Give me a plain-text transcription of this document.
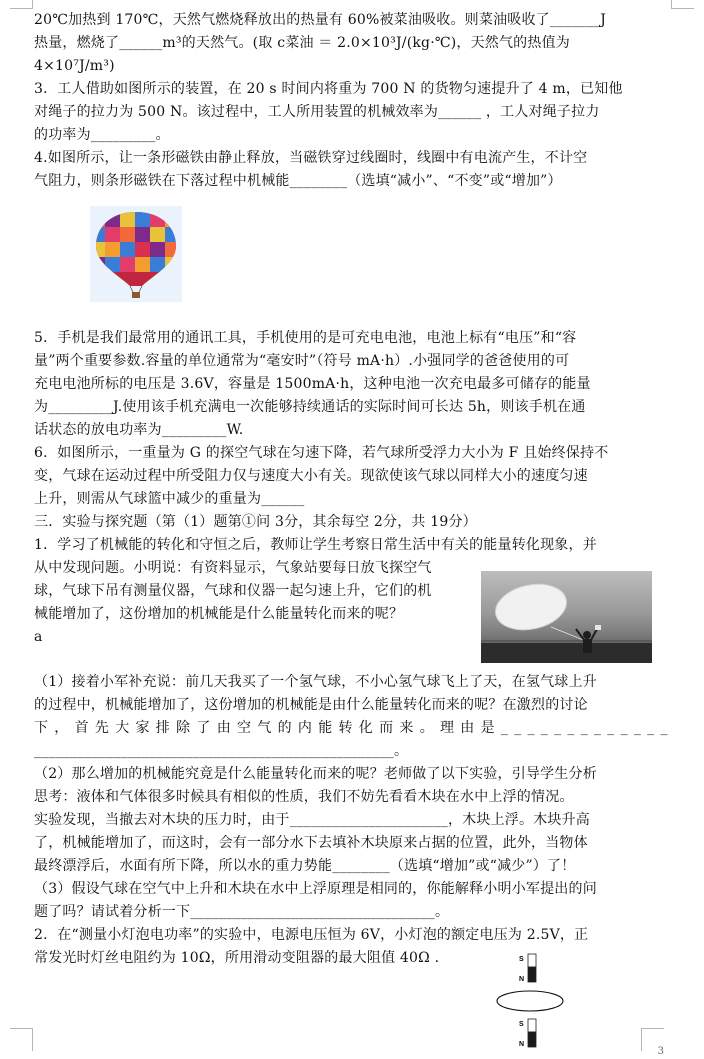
20℃加热到 170℃，天然气燃烧释放出的热量有 60%被菜油吸收。则菜油吸收了_______J
热量，燃烧了______m³的天然气。(取 c菜油 ＝ 2.0×10³J/(kg·℃)，天然气的热值为
4×10⁷J/m³)
3．工人借助如图所示的装置，在 20 s 时间内将重为 700 N 的货物匀速提升了 4 m，已知他
对绳子的拉力为 500 N。该过程中，工人所用装置的机械效率为______ ，工人对绳子拉力
的功率为_________。
4.如图所示，让一条形磁铁由静止释放，当磁铁穿过线圈时，线圈中有电流产生，不计空
气阻力，则条形磁铁在下落过程中机械能________（选填“减小”、“不变”或“增加”）
5．手机是我们最常用的通讯工具，手机使用的是可充电电池，电池上标有“电压”和“容
量”两个重要参数.容量的单位通常为“毫安时”（符号 mA·h）.小强同学的爸爸使用的可
充电电池所标的电压是 3.6V，容量是 1500mA·h，这种电池一次充电最多可储存的能量
为_________J.使用该手机充满电一次能够持续通话的实际时间可长达 5h，则该手机在通
话状态的放电功率为_________W.
6．如图所示，一重量为 G 的探空气球在匀速下降，若气球所受浮力大小为 F 且始终保持不
变，气球在运动过程中所受阻力仅与速度大小有关。现欲使该气球以同样大小的速度匀速
上升，则需从气球篮中减少的重量为______
三．实验与探究题（第（1）题第①问 3分，其余每空 2分，共 19分）
1．学习了机械能的转化和守恒之后，教师让学生考察日常生活中有关的能量转化现象，并
从中发现问题。小明说：有资料显示，气象站要每日放飞探空气
球，气球下吊有测量仪器，气球和仪器一起匀速上升，它们的机
械能增加了，这份增加的机械能是什么能量转化而来的呢？
a
（1）接着小军补充说：前几天我买了一个氢气球，不小心氢气球飞上了天，在氢气球上升
的过程中，机械能增加了，这份增加的机械能是由什么能量转化而来的呢？在激烈的讨论
下，首先大家排除了由空气的内能转化而来。理由是_____________
__________________________________________________。
（2）那么增加的机械能究竟是什么能量转化而来的呢？老师做了以下实验，引导学生分析
思考：液体和气体很多时候具有相似的性质，我们不妨先看看木块在水中上浮的情况。
实验发现，当撤去对木块的压力时，由于______________________，木块上浮。木块升高
了，机械能增加了，而这时，会有一部分水下去填补木块原来占据的位置，此外，当物体
最终漂浮后，水面有所下降，所以水的重力势能________（选填“增加”或“减少”）了！
（3）假设气球在空气中上升和木块在水中上浮原理是相同的，你能解释小明小军提出的问
题了吗？请试着分析一下__________________________________。
2．在“测量小灯泡电功率”的实验中，电源电压恒为 6V，小灯泡的额定电压为 2.5V，正
常发光时灯丝电阻约为 10Ω，所用滑动变阻器的最大阻值 40Ω .	S
N
S
N
3
